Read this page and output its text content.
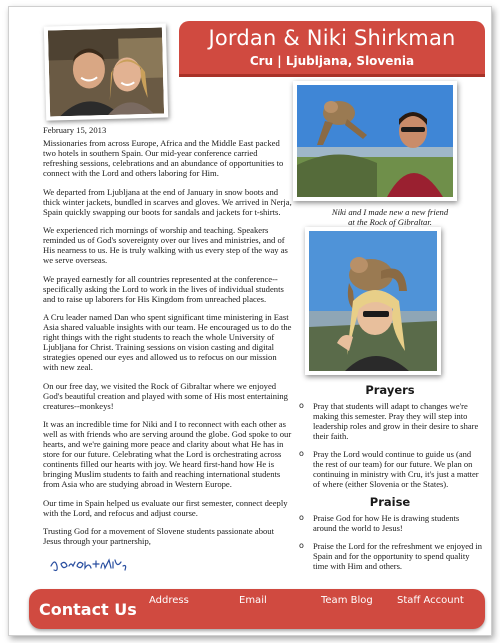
Jordan & Niki Shirkman
Cru | Ljubljana, Slovenia
Niki and I made new a new friend
at the Rock of Gibraltar.

February 15, 2013

Missionaries from across Europe, Africa and the Middle East packed two hotels in southern Spain. Our mid-year conference carried refreshing sessions, celebrations and an abundance of opportunities to connect with the Lord and others laboring for Him.

We departed from Ljubljana at the end of January in snow boots and thick winter jackets, bundled in scarves and gloves. We arrived in Nerja, Spain quickly swapping our boots for sandals and jackets for t-shirts.

We experienced rich mornings of worship and teaching. Speakers reminded us of God's sovereignty over our lives and ministries, and of His nearness to us. He is truly walking with us every step of the way as we serve overseas.

We prayed earnestly for all countries represented at the conference--specifically asking the Lord to work in the lives of individual students and to raise up laborers for His Kingdom from unreached places.

A Cru leader named Dan who spent significant time ministering in East Asia shared valuable insights with our team. He encouraged us to do the right things with the right students to reach the whole University of Ljubljana for Christ. Training sessions on vision casting and digital strategies opened our eyes and allowed us to refocus on our mission with new zeal.

On our free day, we visited the Rock of Gibraltar where we enjoyed God's beautiful creation and played with some of His most entertaining creatures--monkeys!

It was an incredible time for Niki and I to reconnect with each other as well as with friends who are serving around the globe. God spoke to our hearts, and we're gaining more peace and clarity about what He has in store for our future. Celebrating what the Lord is orchestrating across continents filled our hearts with joy. We heard first-hand how He is bringing Muslim students to faith and reaching international students from Asia who are studying abroad in Western Europe.

Our time in Spain helped us evaluate our first semester, connect deeply with the Lord, and refocus and adjust course.

Trusting God for a movement of Slovene students passionate about Jesus through your partnership,

Prayers
o Pray that students will adapt to changes we're making this semester. Pray they will step into leadership roles and grow in their desire to share their faith.
o Pray the Lord would continue to guide us (and the rest of our team) for our future. We plan on continuing in ministry with Cru, it's just a matter of where (either Slovenia or the States).
Praise
o Praise God for how He is drawing students around the world to Jesus!
o Praise the Lord for the refreshment we enjoyed in Spain and for the opportunity to spend quality time with Him and others.
Contact Us Address	Email	Team Blog Staff Account
